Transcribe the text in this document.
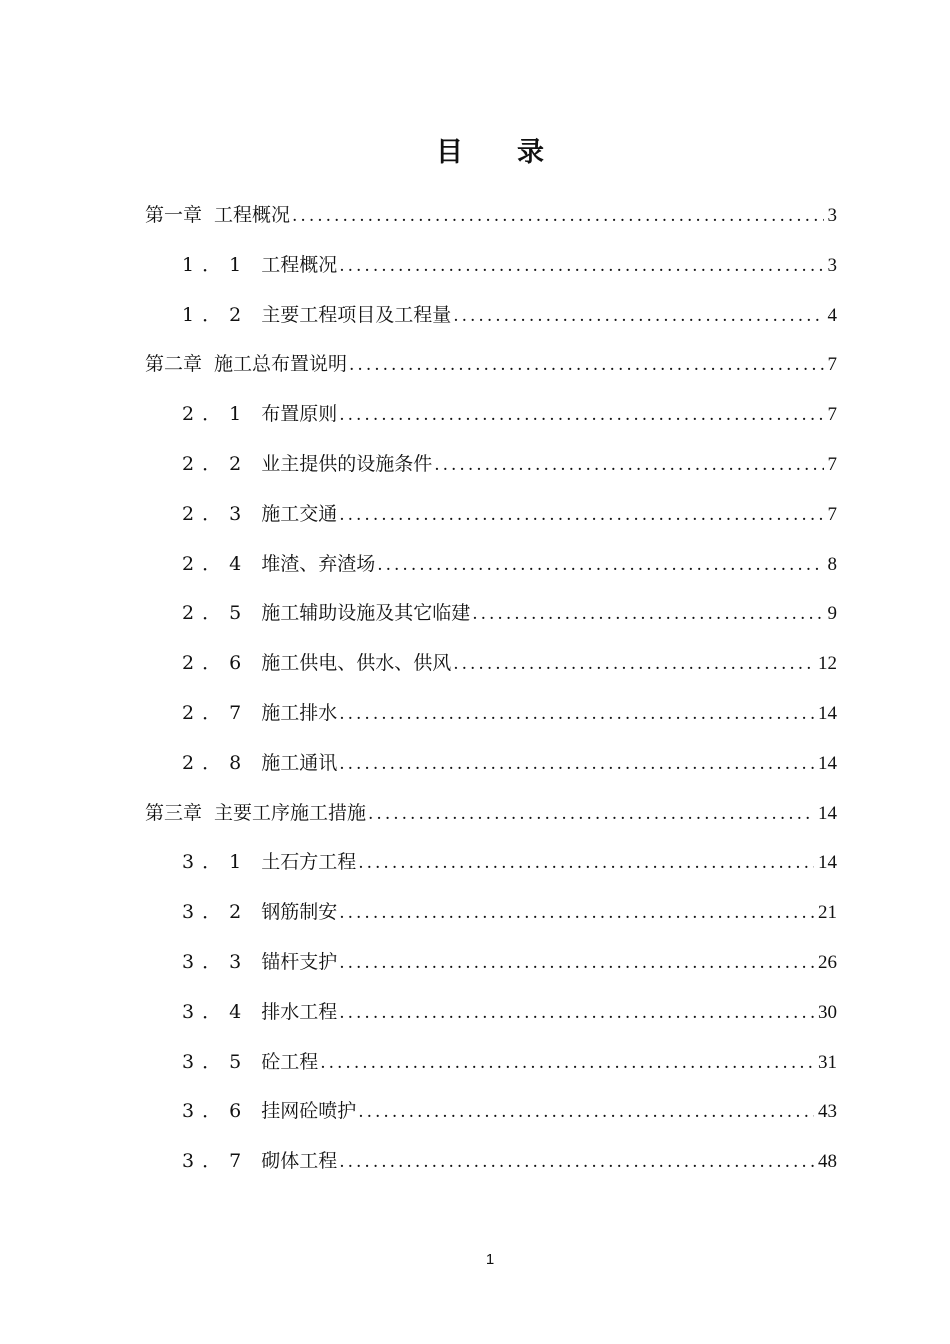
目录
第一章 工程概况 .....	3
1．1 工程概况 .....	3
1．2 主要工程项目及工程量 .....	4
第二章 施工总布置说明 .....	7
2．1 布置原则 .....	7
2．2 业主提供的设施条件 .....	7
2．3 施工交通 .....	7
2．4 堆渣、弃渣场 .....	8
2．5 施工辅助设施及其它临建 .....	9
2．6 施工供电、供水、供风 .....	12
2．7 施工排水 .....	14
2．8 施工通讯 .....	14
第三章 主要工序施工措施 .....	14
3．1 土石方工程 .....	14
3．2 钢筋制安 .....	21
3．3 锚杆支护 .....	26
3．4 排水工程 .....	30
3．5 砼工程 .....	31
3．6 挂网砼喷护 .....	43
3．7 砌体工程 .....	48
1
